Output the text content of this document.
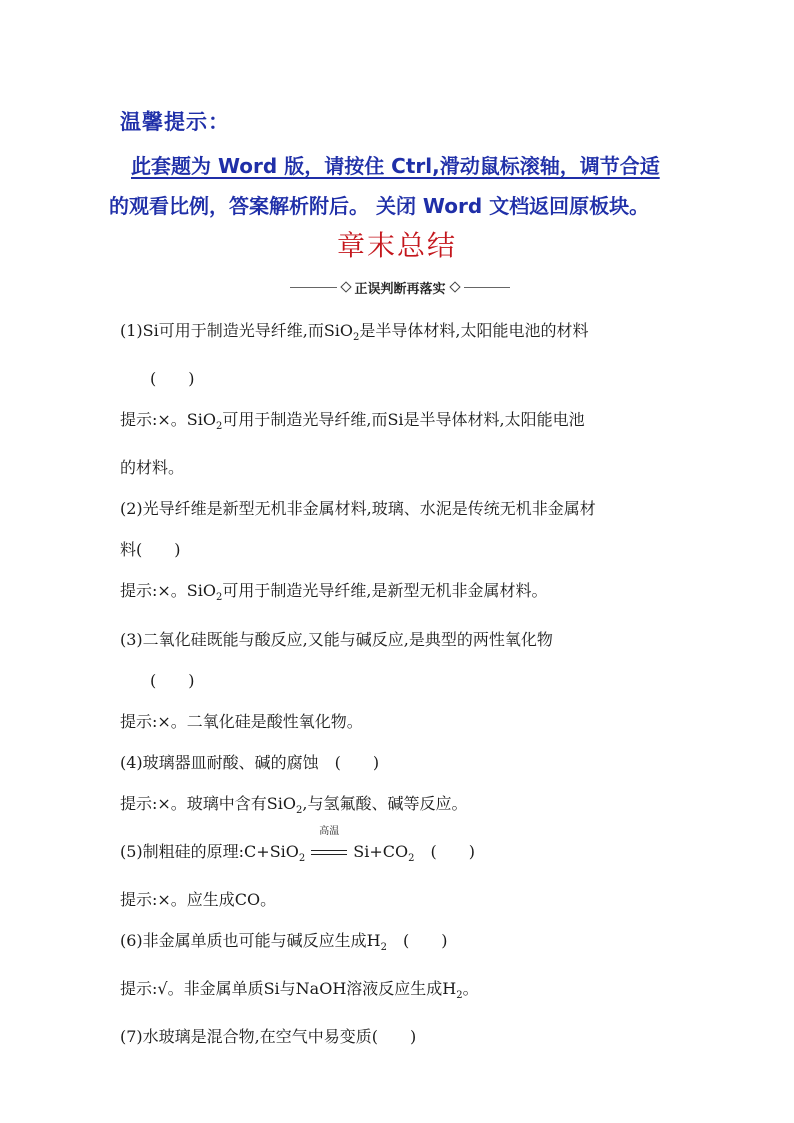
温馨提示：
此套题为 Word 版，请按住 Ctrl,滑动鼠标滚轴，调节合适
的观看比例，答案解析附后。 关闭 Word 文档返回原板块。
章末总结
正误判断再落实

(1)Si可用于制造光导纤维,而SiO$_2$是半导体材料,太阳能电池的材料

(　　)

提示:×。SiO$_2$可用于制造光导纤维,而Si是半导体材料,太阳能电池

的材料。

(2)光导纤维是新型无机非金属材料,玻璃、水泥是传统无机非金属材

料(　　)

提示:×。SiO$_2$可用于制造光导纤维,是新型无机非金属材料。

(3)二氧化硅既能与酸反应,又能与碱反应,是典型的两性氧化物

(　　)

提示:×。二氧化硅是酸性氧化物。

(4)玻璃器皿耐酸、碱的腐蚀　(　　)

提示:×。玻璃中含有SiO$_2$,与氢氟酸、碱等反应。

(5)制粗硅的原理:C+SiO$_2$
高温
$Si+CO_2$　(　　)

提示:×。应生成CO。

(6)非金属单质也可能与碱反应生成$H_2$　(　　)

提示:√。非金属单质Si与NaOH溶液反应生成$H_2$。

(7)水玻璃是混合物,在空气中易变质(　　)
